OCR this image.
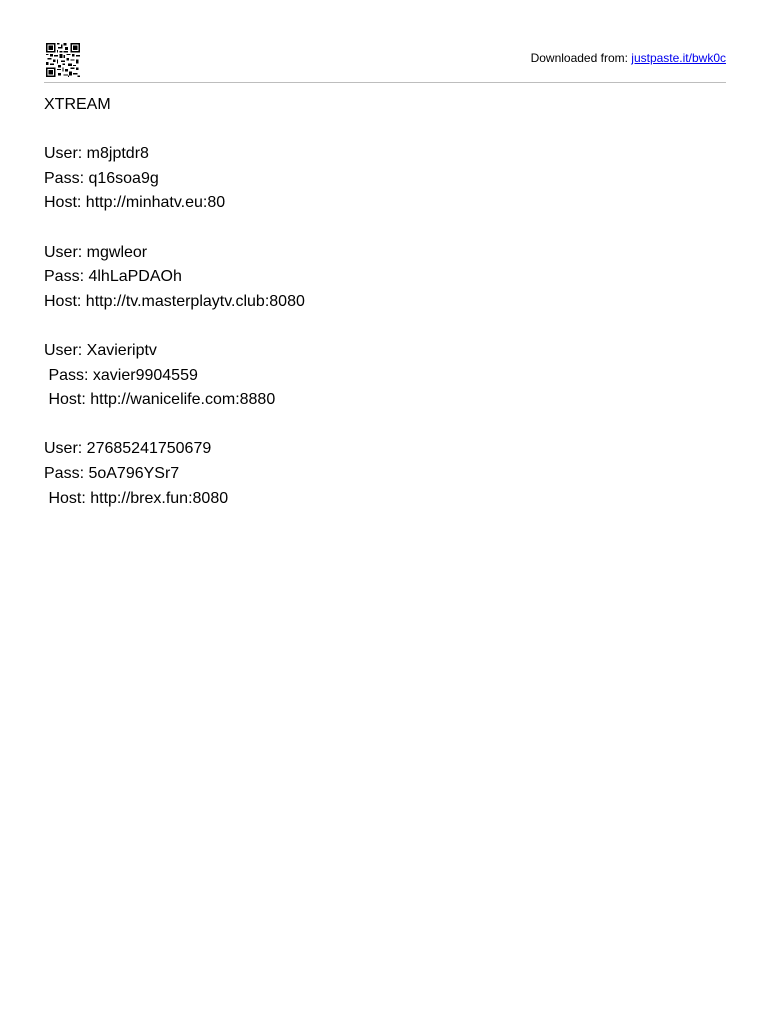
Downloaded from: justpaste.it/bwk0c
XTREAM
User: m8jptdr8
Pass: q16soa9g
Host: http://minhatv.eu:80
User: mgwleor
Pass: 4lhLaPDAOh
Host: http://tv.masterplaytv.club:8080
User: Xavieriptv
Pass: xavier9904559
Host: http://wanicelife.com:8880
User: 27685241750679
Pass: 5oA796YSr7
Host: http://brex.fun:8080
